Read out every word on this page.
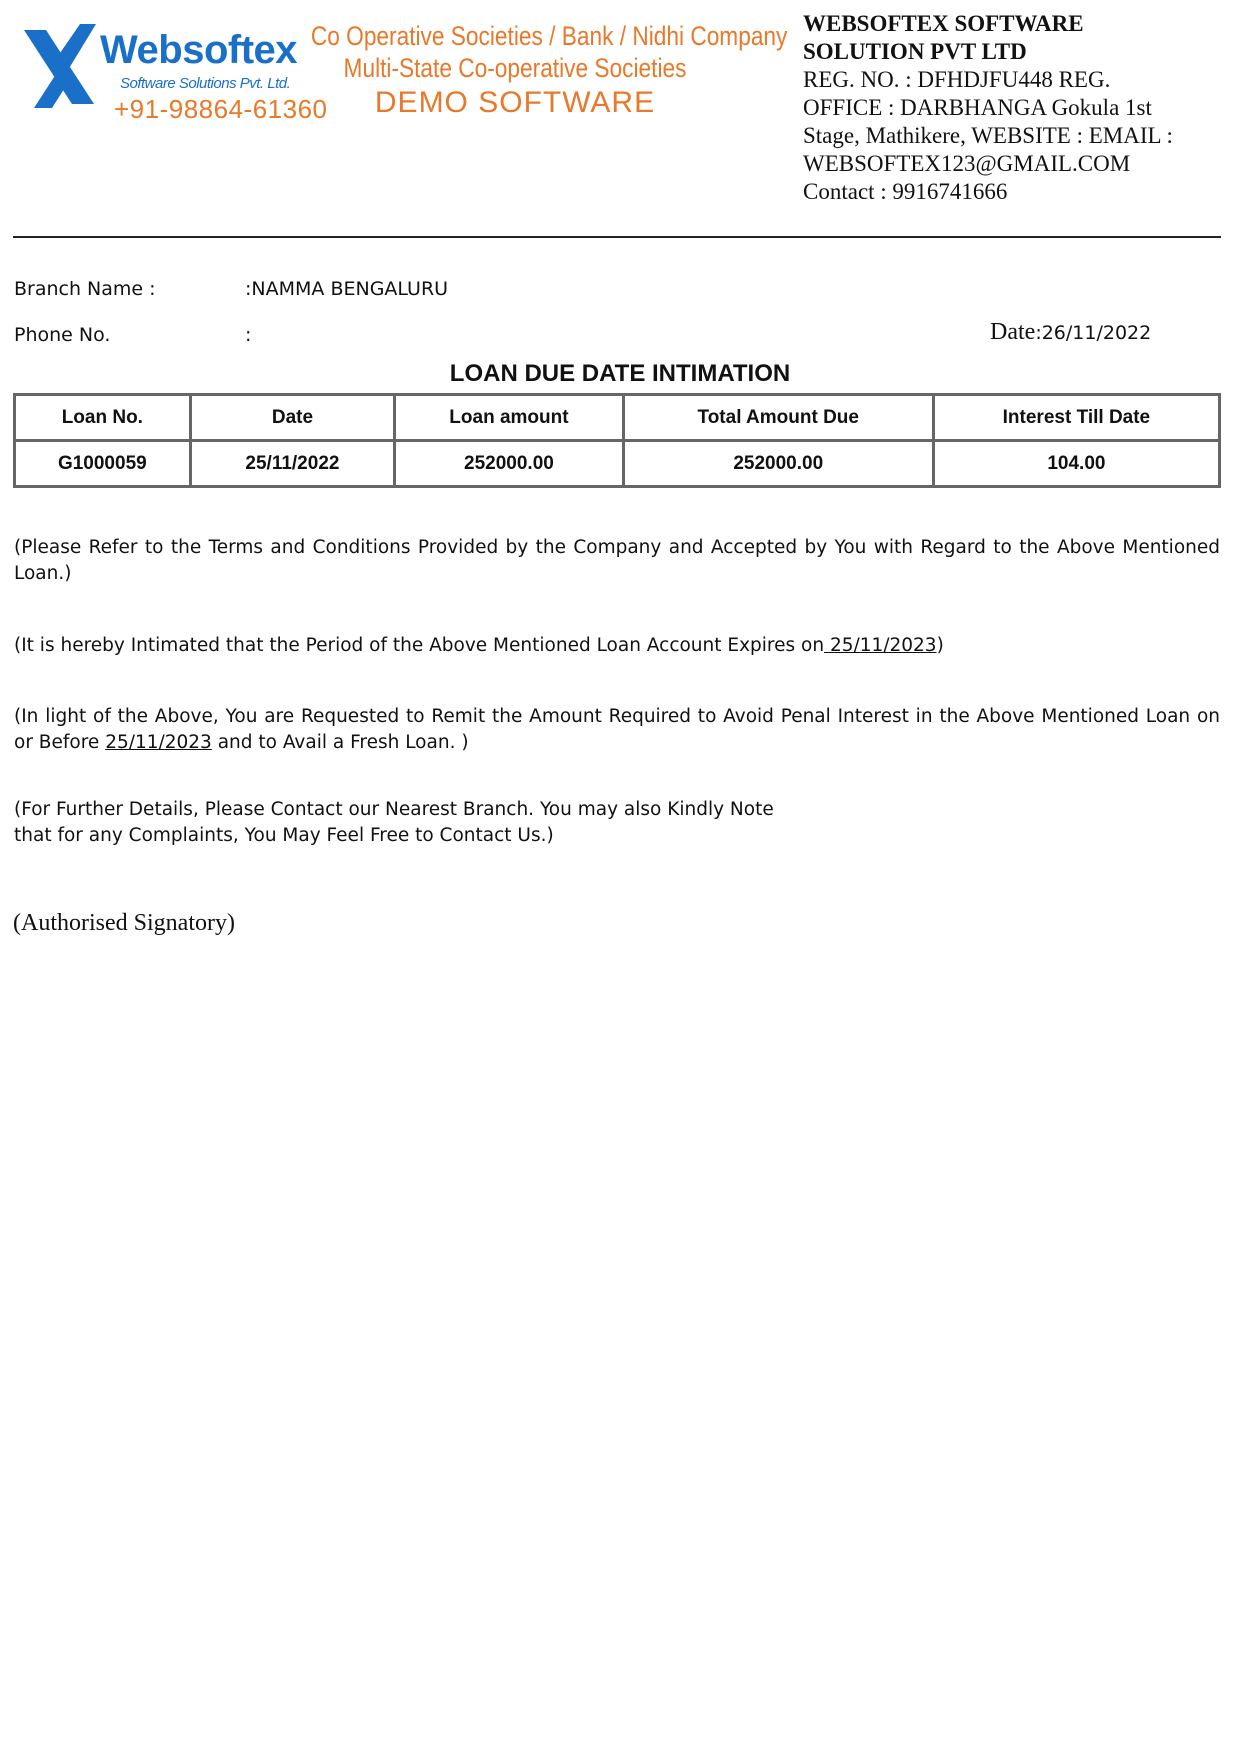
Websoftex
Software Solutions Pvt. Ltd.
+91-98864-61360
Co Operative Societies / Bank / Nidhi Company
Multi-State Co-operative Societies
DEMO SOFTWARE
WEBSOFTEX SOFTWARE
SOLUTION PVT LTD
REG. NO. : DFHDJFU448 REG.
OFFICE : DARBHANGA Gokula 1st
Stage, Mathikere, WEBSITE : EMAIL :
WEBSOFTEX123@GMAIL.COM
Contact : 9916741666
Branch Name :	:NAMMA BENGALURU
Phone No.	:	Date:26/11/2022
LOAN DUE DATE INTIMATION
Loan No.	Date	Loan amount	Total Amount Due	Interest Till Date
G1000059	25/11/2022	252000.00	252000.00	104.00
(Please Refer to the Terms and Conditions Provided by the Company and Accepted by You with Regard to the Above Mentioned Loan.)
(It is hereby Intimated that the Period of the Above Mentioned Loan Account Expires on 25/11/2023)
(In light of the Above, You are Requested to Remit the Amount Required to Avoid Penal Interest in the Above Mentioned Loan on or Before 25/11/2023 and to Avail a Fresh Loan. )
(For Further Details, Please Contact our Nearest Branch. You may also Kindly Note
that for any Complaints, You May Feel Free to Contact Us.)
(Authorised Signatory)
